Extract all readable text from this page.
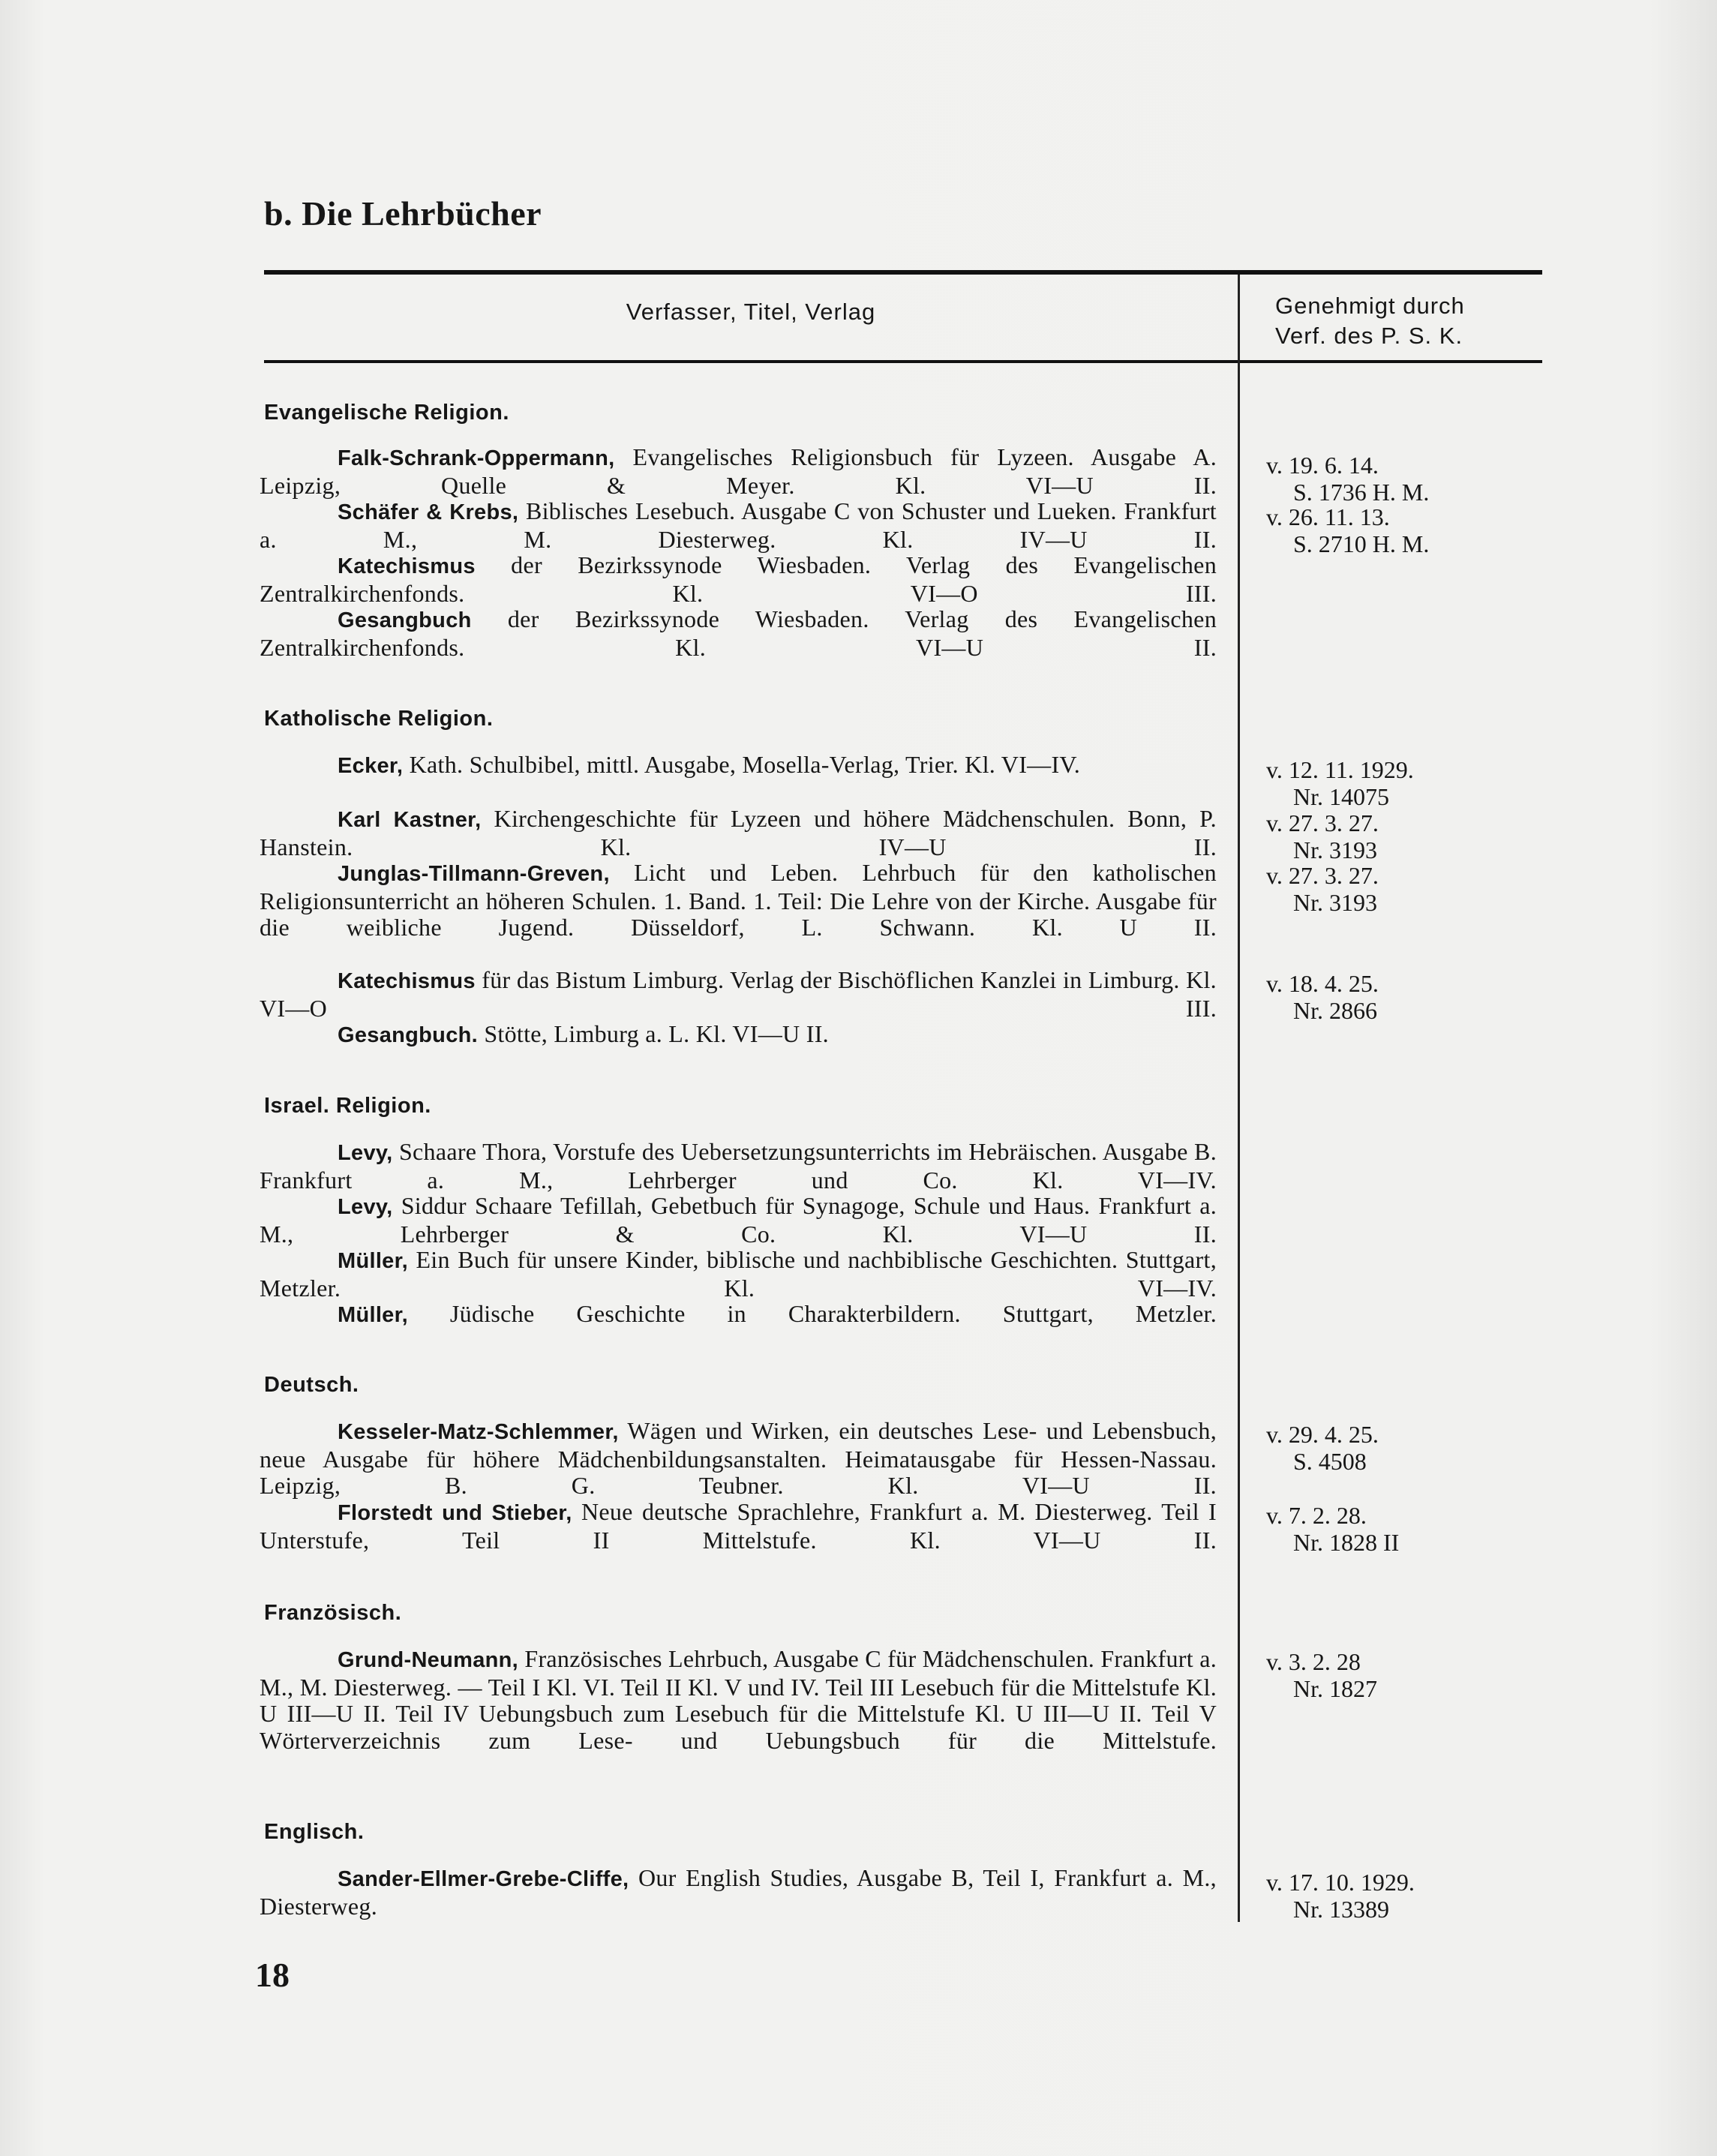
b. Die Lehrbücher
Verfasser, Titel, Verlag	Genehmigt durch
Verf. des P. S. K.
Evangelische Religion.

Falk-Schrank-Oppermann, Evangelisches Religionsbuch für Lyzeen. Ausgabe A. Leipzig, Quelle & Meyer. Kl. VI—U II.

v. 19. 6. 14.
S. 1736 H. M.

Schäfer & Krebs, Biblisches Lesebuch. Ausgabe C von Schuster und Lueken. Frankfurt a. M., M. Diesterweg. Kl. IV—U II.

v. 26. 11. 13.
S. 2710 H. M.

Katechismus der Bezirkssynode Wiesbaden. Verlag des Evangelischen Zentralkirchenfonds. Kl. VI—O III.

Gesangbuch der Bezirkssynode Wiesbaden. Verlag des Evangelischen Zentralkirchenfonds. Kl. VI—U II.

Katholische Religion.

Ecker, Kath. Schulbibel, mittl. Ausgabe, Mosella-Verlag, Trier. Kl. VI—IV.	v. 12. 11. 1929.
Nr. 14075

Karl Kastner, Kirchengeschichte für Lyzeen und höhere Mädchenschulen. Bonn, P. Hanstein. Kl. IV—U II.

v. 27. 3. 27.
Nr. 3193

Junglas-Tillmann-Greven, Licht und Leben. Lehrbuch für den katholischen Religionsunterricht an höheren Schulen. 1. Band. 1. Teil: Die Lehre von der Kirche. Ausgabe für die weibliche Jugend. Düsseldorf, L. Schwann. Kl. U II.

v. 27. 3. 27.
Nr. 3193

Katechismus für das Bistum Limburg. Verlag der Bischöflichen Kanzlei in Limburg. Kl. VI—O III.

v. 18. 4. 25.
Nr. 2866

Gesangbuch. Stötte, Limburg a. L. Kl. VI—U II.

Israel. Religion.

Levy, Schaare Thora, Vorstufe des Uebersetzungsunterrichts im Hebräischen. Ausgabe B. Frankfurt a. M., Lehrberger und Co. Kl. VI—IV.

Levy, Siddur Schaare Tefillah, Gebetbuch für Synagoge, Schule und Haus. Frankfurt a. M., Lehrberger & Co. Kl. VI—U II.

Müller, Ein Buch für unsere Kinder, biblische und nachbiblische Geschichten. Stuttgart, Metzler. Kl. VI—IV.

Müller, Jüdische Geschichte in Charakterbildern. Stuttgart, Metzler.

Deutsch.

Kesseler-Matz-Schlemmer, Wägen und Wirken, ein deutsches Lese- und Lebensbuch, neue Ausgabe für höhere Mädchenbildungsanstalten. Heimatausgabe für Hessen-Nassau. Leipzig, B. G. Teubner. Kl. VI—U II.

v. 29. 4. 25.
S. 4508

Florstedt und Stieber, Neue deutsche Sprachlehre, Frankfurt a. M. Diesterweg. Teil I Unterstufe, Teil II Mittelstufe. Kl. VI—U II.

v. 7. 2. 28.
Nr. 1828 II
Französisch.

Grund-Neumann, Französisches Lehrbuch, Ausgabe C für Mädchenschulen. Frankfurt a. M., M. Diesterweg. — Teil I Kl. VI. Teil II Kl. V und IV. Teil III Lesebuch für die Mittelstufe Kl. U III—U II. Teil IV Uebungsbuch zum Lesebuch für die Mittelstufe Kl. U III—U II. Teil V Wörterverzeichnis zum Lese- und Uebungsbuch für die Mittelstufe.

v. 3. 2. 28
Nr. 1827
Englisch.

Sander-Ellmer-Grebe-Cliffe, Our English Studies, Ausgabe B, Teil I, Frankfurt a. M., Diesterweg.

v. 17. 10. 1929.
Nr. 13389

18
